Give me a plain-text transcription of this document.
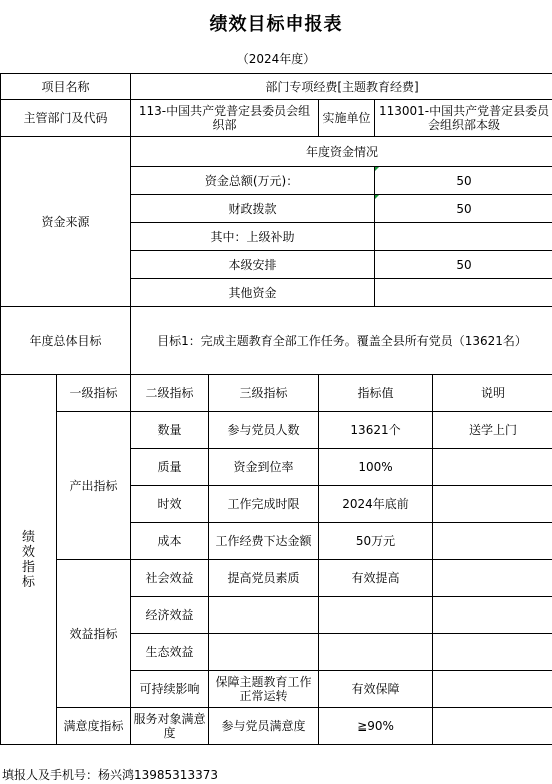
绩效目标申报表
（2024年度）
项目名称		部门专项经费[主题教育经费]				
主管部门及代码		113-中国共产党普定县委员会组织部		实施单位	113001-中国共产党普定县委员会组织部本级	
资金来源		年度资金情况				
		资金总额(万元)：			50	
		财政拨款			50	
		其中：上级补助				
		本级安排			50	
		其他资金				
年度总体目标		目标1：完成主题教育全部工作任务。覆盖全县所有党员（13621名）				
绩效指标	一级指标	二级指标	三级指标	指标值		说明
	产出指标	数量	参与党员人数	13621个		送学上门
		质量	资金到位率	100%		
		时效	工作完成时限	2024年底前		
		成本	工作经费下达金额	50万元		
	效益指标	社会效益	提高党员素质	有效提高		
		经济效益				
		生态效益				
		可持续影响	保障主题教育工作正常运转	有效保障		
	满意度指标	服务对象满意度	参与党员满意度	≧90%		
填报人及手机号：杨兴鸿13985313373
